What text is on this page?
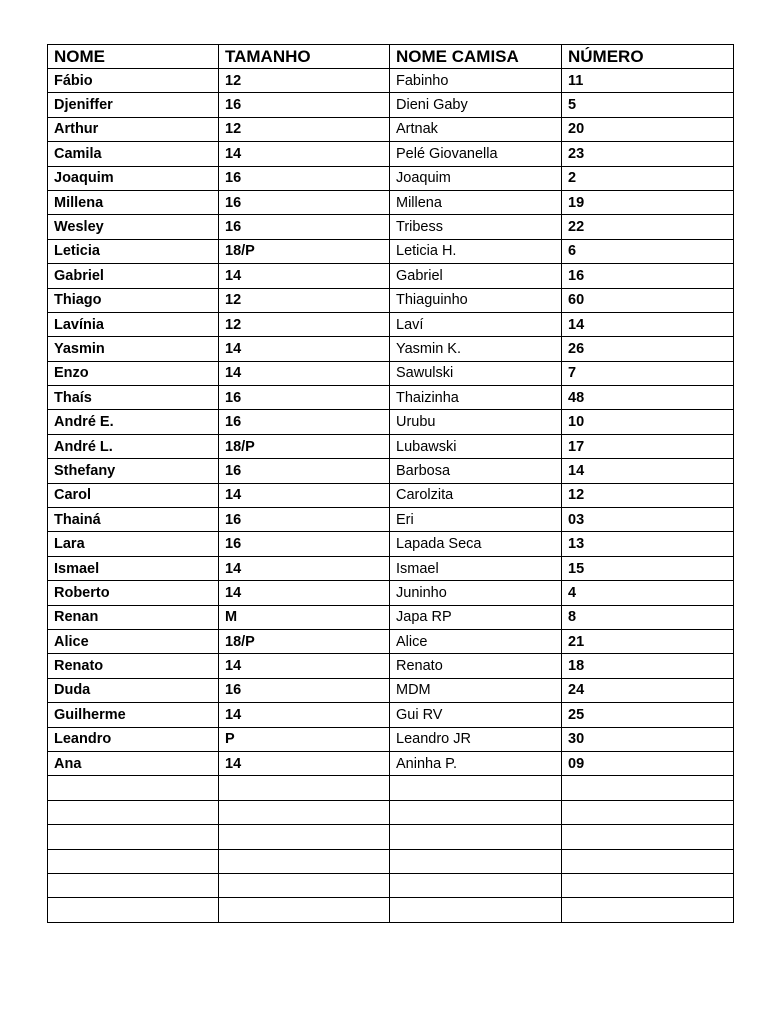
NOME	TAMANHO	NOME CAMISA	NÚMERO
Fábio	12	Fabinho	11
Djeniffer	16	Dieni Gaby	5
Arthur	12	Artnak	20
Camila	14	Pelé Giovanella	23
Joaquim	16	Joaquim	2
Millena	16	Millena	19
Wesley	16	Tribess	22
Leticia	18/P	Leticia H.	6
Gabriel	14	Gabriel	16
Thiago	12	Thiaguinho	60
Lavínia	12	Laví	14
Yasmin	14	Yasmin K.	26
Enzo	14	Sawulski	7
Thaís	16	Thaizinha	48
André E.	16	Urubu	10
André L.	18/P	Lubawski	17
Sthefany	16	Barbosa	14
Carol	14	Carolzita	12
Thainá	16	Eri	03
Lara	16	Lapada Seca	13
Ismael	14	Ismael	15
Roberto	14	Juninho	4
Renan	M	Japa RP	8
Alice	18/P	Alice	21
Renato	14	Renato	18
Duda	16	MDM	24
Guilherme	14	Gui RV	25
Leandro	P	Leandro JR	30
Ana	14	Aninha P.	09
